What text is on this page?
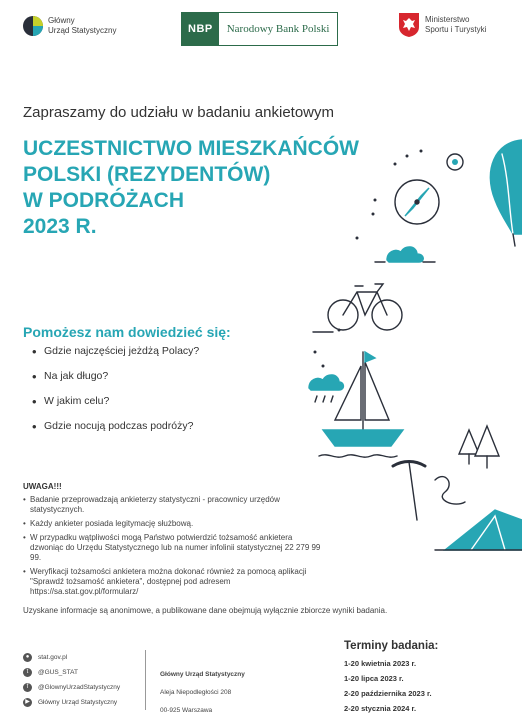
Główny
Urząd Statystyczny	NBP	Narodowy Bank Polski
Ministerstwo
Sportu i Turystyki
Zapraszamy do udziału w badaniu ankietowym
UCZESTNICTWO MIESZKAŃCÓW
POLSKI (REZYDENTÓW)
W PODRÓŻACH
2023 R.
Pomożesz nam dowiedzieć się:
• Gdzie najczęściej jeżdżą Polacy?
• Na jak długo?
• W jakim celu?
• Gdzie nocują podczas podróży?
UWAGA!!!
• Badanie przeprowadzają ankieterzy statystyczni - pracownicy urzędów statystycznych.
• Każdy ankieter posiada legitymację służbową.
• W przypadku wątpliwości mogą Państwo potwierdzić tożsamość ankietera dzwoniąc do Urzędu Statystycznego lub na numer infolinii statystycznej 22 279 99 99.
• Weryfikacji tożsamości ankietera można dokonać również za pomocą aplikacji "Sprawdź tożsamość ankietera", dostępnej pod adresem https://sa.stat.gov.pl/formularz/
Uzyskane informacje są anonimowe, a publikowane dane obejmują wyłącznie zbiorcze wyniki badania.
●	stat.gov.pl
t	@GUS_STAT
f	@GlownyUrzadStatystyczny
▶	Główny Urząd Statystyczny
Główny Urząd Statystyczny
Aleja Niepodległości 208
00-925 Warszawa
Terminy badania:
1-20 kwietnia 2023 r.
1-20 lipca 2023 r.
2-20 października 2023 r.
2-20 stycznia 2024 r.
